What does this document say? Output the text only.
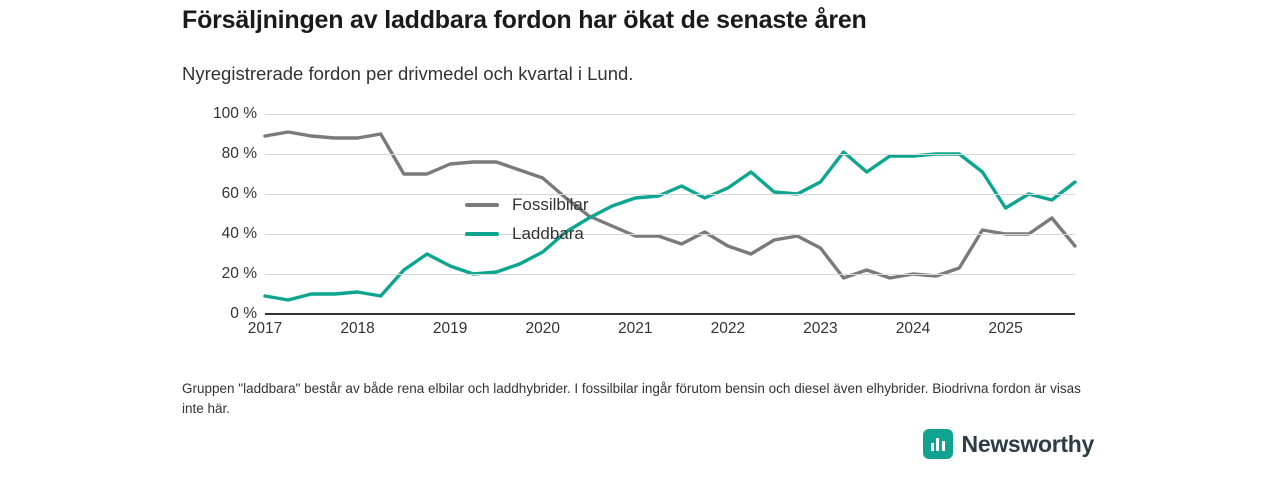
Försäljningen av laddbara fordon har ökat de senaste åren
Nyregistrerade fordon per drivmedel och kvartal i Lund.
0 %
20 %
40 %
60 %
80 %
100 %
2017	2018	2019	2020	2021	2022	2023	2024	2025
Fossilbilar
Laddbara
Gruppen "laddbara" består av både rena elbilar och laddhybrider. I fossilbilar ingår förutom bensin och diesel även elhybrider. Biodrivna fordon är visas inte här.
Newsworthy
